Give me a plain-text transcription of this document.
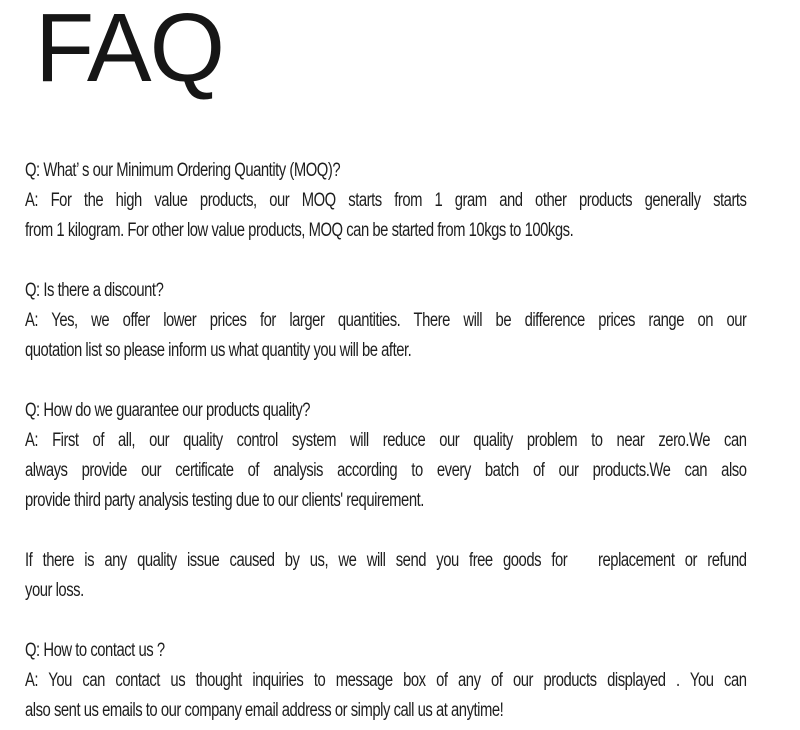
FAQ
Q: What’ s our Minimum Ordering Quantity (MOQ)?
A: For the high value products, our MOQ starts from 1 gram and other products generally starts
from 1 kilogram. For other low value products, MOQ can be started from 10kgs to 100kgs.
Q: Is there a discount?
A: Yes, we offer lower prices for larger quantities. There will be difference prices range on our
quotation list so please inform us what quantity you will be after.
Q: How do we guarantee our products quality?
A: First of all, our quality control system will reduce our quality problem to near zero.We can
always provide our certificate of analysis according to every batch of our products.We can also
provide third party analysis testing due to our clients' requirement.
If there is any quality issue caused by us, we will send you free goods for   replacement or refund
your loss.
Q: How to contact us ?
A: You can contact us thought inquiries to message box of any of our products displayed . You can
also sent us emails to our company email address or simply call us at anytime!
